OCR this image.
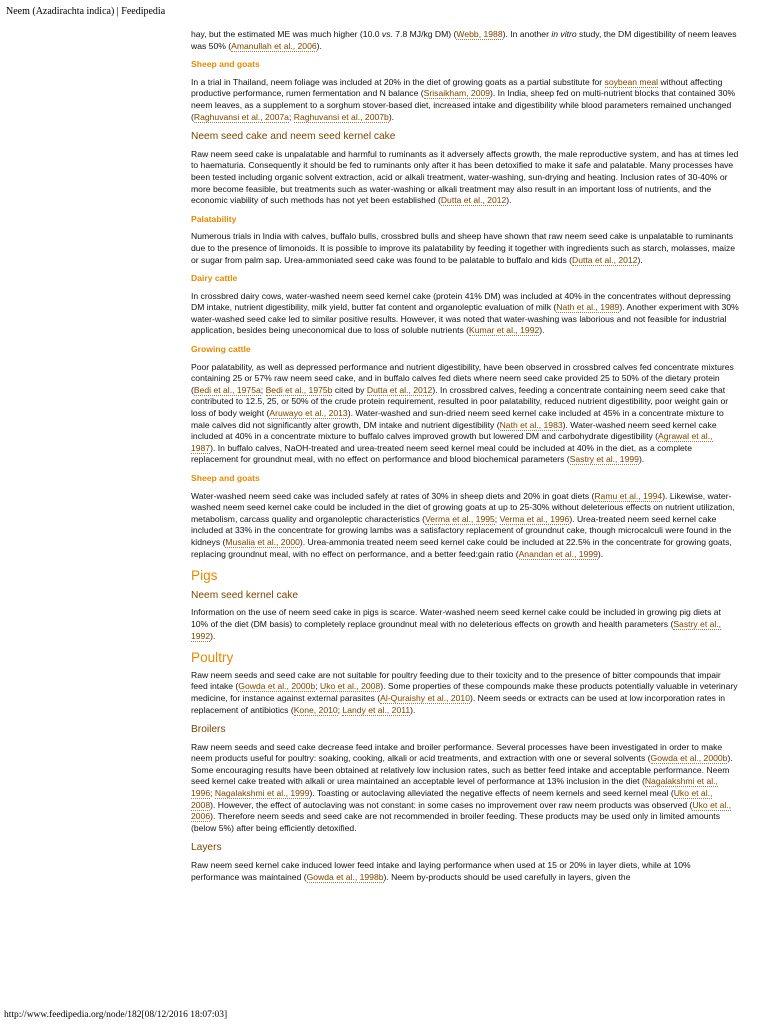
Neem (Azadirachta indica) | Feedipedia

hay, but the estimated ME was much higher (10.0 vs. 7.8 MJ/kg DM) (Webb, 1988). In another in vitro study, the DM digestibility of neem leaves was 50% (Amanullah et al., 2006).

Sheep and goats

In a trial in Thailand, neem foliage was included at 20% in the diet of growing goats as a partial substitute for soybean meal without affecting productive performance, rumen fermentation and N balance (Srisaikham, 2009). In India, sheep fed on multi-nutrient blocks that contained 30% neem leaves, as a supplement to a sorghum stover-based diet, increased intake and digestibility while blood parameters remained unchanged (Raghuvansi et al., 2007a; Raghuvansi et al., 2007b).

Neem seed cake and neem seed kernel cake

Raw neem seed cake is unpalatable and harmful to ruminants as it adversely affects growth, the male reproductive system, and has at times led to haematuria. Consequently it should be fed to ruminants only after it has been detoxified to make it safe and palatable. Many processes have been tested including organic solvent extraction, acid or alkali treatment, water-washing, sun-drying and heating. Inclusion rates of 30-40% or more become feasible, but treatments such as water-washing or alkali treatment may also result in an important loss of nutrients, and the economic viability of such methods has not yet been established (Dutta et al., 2012).

Palatability

Numerous trials in India with calves, buffalo bulls, crossbred bulls and sheep have shown that raw neem seed cake is unpalatable to ruminants due to the presence of limonoids. It is possible to improve its palatability by feeding it together with ingredients such as starch, molasses, maize or sugar from palm sap. Urea-ammoniated seed cake was found to be palatable to buffalo and kids (Dutta et al., 2012).

Dairy cattle

In crossbred dairy cows, water-washed neem seed kernel cake (protein 41% DM) was included at 40% in the concentrates without depressing DM intake, nutrient digestibility, milk yield, butter fat content and organoleptic evaluation of milk (Nath et al., 1989). Another experiment with 30% water-washed seed cake led to similar positive results. However, it was noted that water-washing was laborious and not feasible for industrial application, besides being uneconomical due to loss of soluble nutrients (Kumar et al., 1992).

Growing cattle

Poor palatability, as well as depressed performance and nutrient digestibility, have been observed in crossbred calves fed concentrate mixtures containing 25 or 57% raw neem seed cake, and in buffalo calves fed diets where neem seed cake provided 25 to 50% of the dietary protein (Bedi et al., 1975a; Bedi et al., 1975b cited by Dutta et al., 2012). In crossbred calves, feeding a concentrate containing neem seed cake that contributed to 12.5, 25, or 50% of the crude protein requirement, resulted in poor palatability, reduced nutrient digestibility, poor weight gain or loss of body weight (Aruwayo et al., 2013). Water-washed and sun-dried neem seed kernel cake included at 45% in a concentrate mixture to male calves did not significantly alter growth, DM intake and nutrient digestibility (Nath et al., 1983). Water-washed neem seed kernel cake included at 40% in a concentrate mixture to buffalo calves improved growth but lowered DM and carbohydrate digestibility (Agrawal et al., 1987). In buffalo calves, NaOH-treated and urea-treated neem seed kernel meal could be included at 40% in the diet, as a complete replacement for groundnut meal, with no effect on performance and blood biochemical parameters (Sastry et al., 1999).

Sheep and goats

Water-washed neem seed cake was included safely at rates of 30% in sheep diets and 20% in goat diets (Ramu et al., 1994). Likewise, water-washed neem seed kernel cake could be included in the diet of growing goats at up to 25-30% without deleterious effects on nutrient utilization, metabolism, carcass quality and organoleptic characteristics (Verma et al., 1995; Verma et al., 1996). Urea-treated neem seed kernel cake included at 33% in the concentrate for growing lambs was a satisfactory replacement of groundnut cake, though microcalculi were found in the kidneys (Musalia et al., 2000). Urea-ammonia treated neem seed kernel cake could be included at 22.5% in the concentrate for growing goats, replacing groundnut meal, with no effect on performance, and a better feed:gain ratio (Anandan et al., 1999).

Pigs
Neem seed kernel cake

Information on the use of neem seed cake in pigs is scarce. Water-washed neem seed kernel cake could be included in growing pig diets at 10% of the diet (DM basis) to completely replace groundnut meal with no deleterious effects on growth and health parameters (Sastry et al., 1992).

Poultry

Raw neem seeds and seed cake are not suitable for poultry feeding due to their toxicity and to the presence of bitter compounds that impair feed intake (Gowda et al., 2000b; Uko et al., 2008). Some properties of these compounds make these products potentially valuable in veterinary medicine, for instance against external parasites (Al-Quraishy et al., 2010). Neem seeds or extracts can be used at low incorporation rates in replacement of antibiotics (Kone, 2010; Landy et al., 2011).

Broilers

Raw neem seeds and seed cake decrease feed intake and broiler performance. Several processes have been investigated in order to make neem products useful for poultry: soaking, cooking, alkali or acid treatments, and extraction with one or several solvents (Gowda et al., 2000b). Some encouraging results have been obtained at relatively low inclusion rates, such as better feed intake and acceptable performance. Neem seed kernel cake treated with alkali or urea maintained an acceptable level of performance at 13% inclusion in the diet (Nagalakshmi et al., 1996; Nagalakshmi et al., 1999). Toasting or autoclaving alleviated the negative effects of neem kernels and seed kernel meal (Uko et al., 2008). However, the effect of autoclaving was not constant: in some cases no improvement over raw neem products was observed (Uko et al., 2006). Therefore neem seeds and seed cake are not recommended in broiler feeding. These products may be used only in limited amounts (below 5%) after being efficiently detoxified.

Layers

Raw neem seed kernel cake induced lower feed intake and laying performance when used at 15 or 20% in layer diets, while at 10% performance was maintained (Gowda et al., 1998b). Neem by-products should be used carefully in layers, given the

http://www.feedipedia.org/node/182[08/12/2016 18:07:03]
